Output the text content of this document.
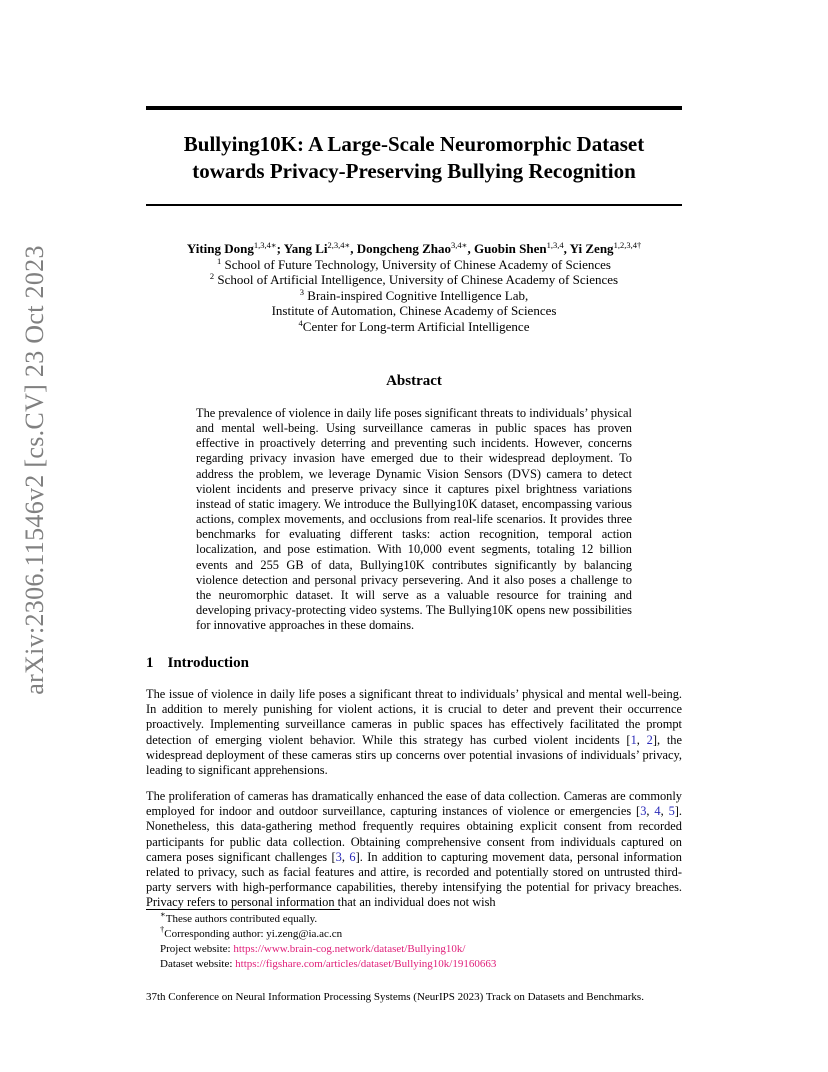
arXiv:2306.11546v2 [cs.CV] 23 Oct 2023
Bullying10K: A Large-Scale Neuromorphic Dataset
towards Privacy-Preserving Bullying Recognition
Yiting Dong$^{1,3,4∗}$; Yang $Li^{2,3,4∗}$, Dongcheng Zhao$^{3,4∗}$, Guobin Shen$^{1,3,4}$, Yi Zeng$^{1,2,3,4\dagger}$
$^1$ School of Future Technology, University of Chinese Academy of Sciences
$^2$ School of Artificial Intelligence, University of Chinese Academy of Sciences
$^3$ Brain-inspired Cognitive Intelligence Lab,
Institute of Automation, Chinese Academy of Sciences
$^4$Center for Long-term Artificial Intelligence
Abstract
The prevalence of violence in daily life poses significant threats to individuals’ physical and mental well-being. Using surveillance cameras in public spaces has proven effective in proactively deterring and preventing such incidents. However, concerns regarding privacy invasion have emerged due to their widespread deployment. To address the problem, we leverage Dynamic Vision Sensors (DVS) camera to detect violent incidents and preserve privacy since it captures pixel brightness variations instead of static imagery. We introduce the Bullying10K dataset, encompassing various actions, complex movements, and occlusions from real-life scenarios. It provides three benchmarks for evaluating different tasks: action recognition, temporal action localization, and pose estimation. With 10,000 event segments, totaling 12 billion events and 255 GB of data, Bullying10K contributes significantly by balancing violence detection and personal privacy persevering. And it also poses a challenge to the neuromorphic dataset. It will serve as a valuable resource for training and developing privacy-protecting video systems. The Bullying10K opens new possibilities for innovative approaches in these domains.
1 Introduction
The issue of violence in daily life poses a significant threat to individuals’ physical and mental well-being. In addition to merely punishing for violent actions, it is crucial to deter and prevent their occurrence proactively. Implementing surveillance cameras in public spaces has effectively facilitated the prompt detection of emerging violent behavior. While this strategy has curbed violent incidents [1, 2], the widespread deployment of these cameras stirs up concerns over potential invasions of individuals’ privacy, leading to significant apprehensions.
The proliferation of cameras has dramatically enhanced the ease of data collection. Cameras are commonly employed for indoor and outdoor surveillance, capturing instances of violence or emergencies [3, 4, 5]. Nonetheless, this data-gathering method frequently requires obtaining explicit consent from recorded participants for public data collection. Obtaining comprehensive consent from individuals captured on camera poses significant challenges [3, 6]. In addition to capturing movement data, personal information related to privacy, such as facial features and attire, is recorded and potentially stored on untrusted third-party servers with high-performance capabilities, thereby intensifying the potential for privacy breaches. Privacy refers to personal information that an individual does not wish
∗These authors contributed equally.
†Corresponding author: yi.zeng@ia.ac.cn
Project website: https://www.brain-cog.network/dataset/Bullying10k/
Dataset website: https://figshare.com/articles/dataset/Bullying10k/19160663
37th Conference on Neural Information Processing Systems (NeurIPS 2023) Track on Datasets and Benchmarks.
